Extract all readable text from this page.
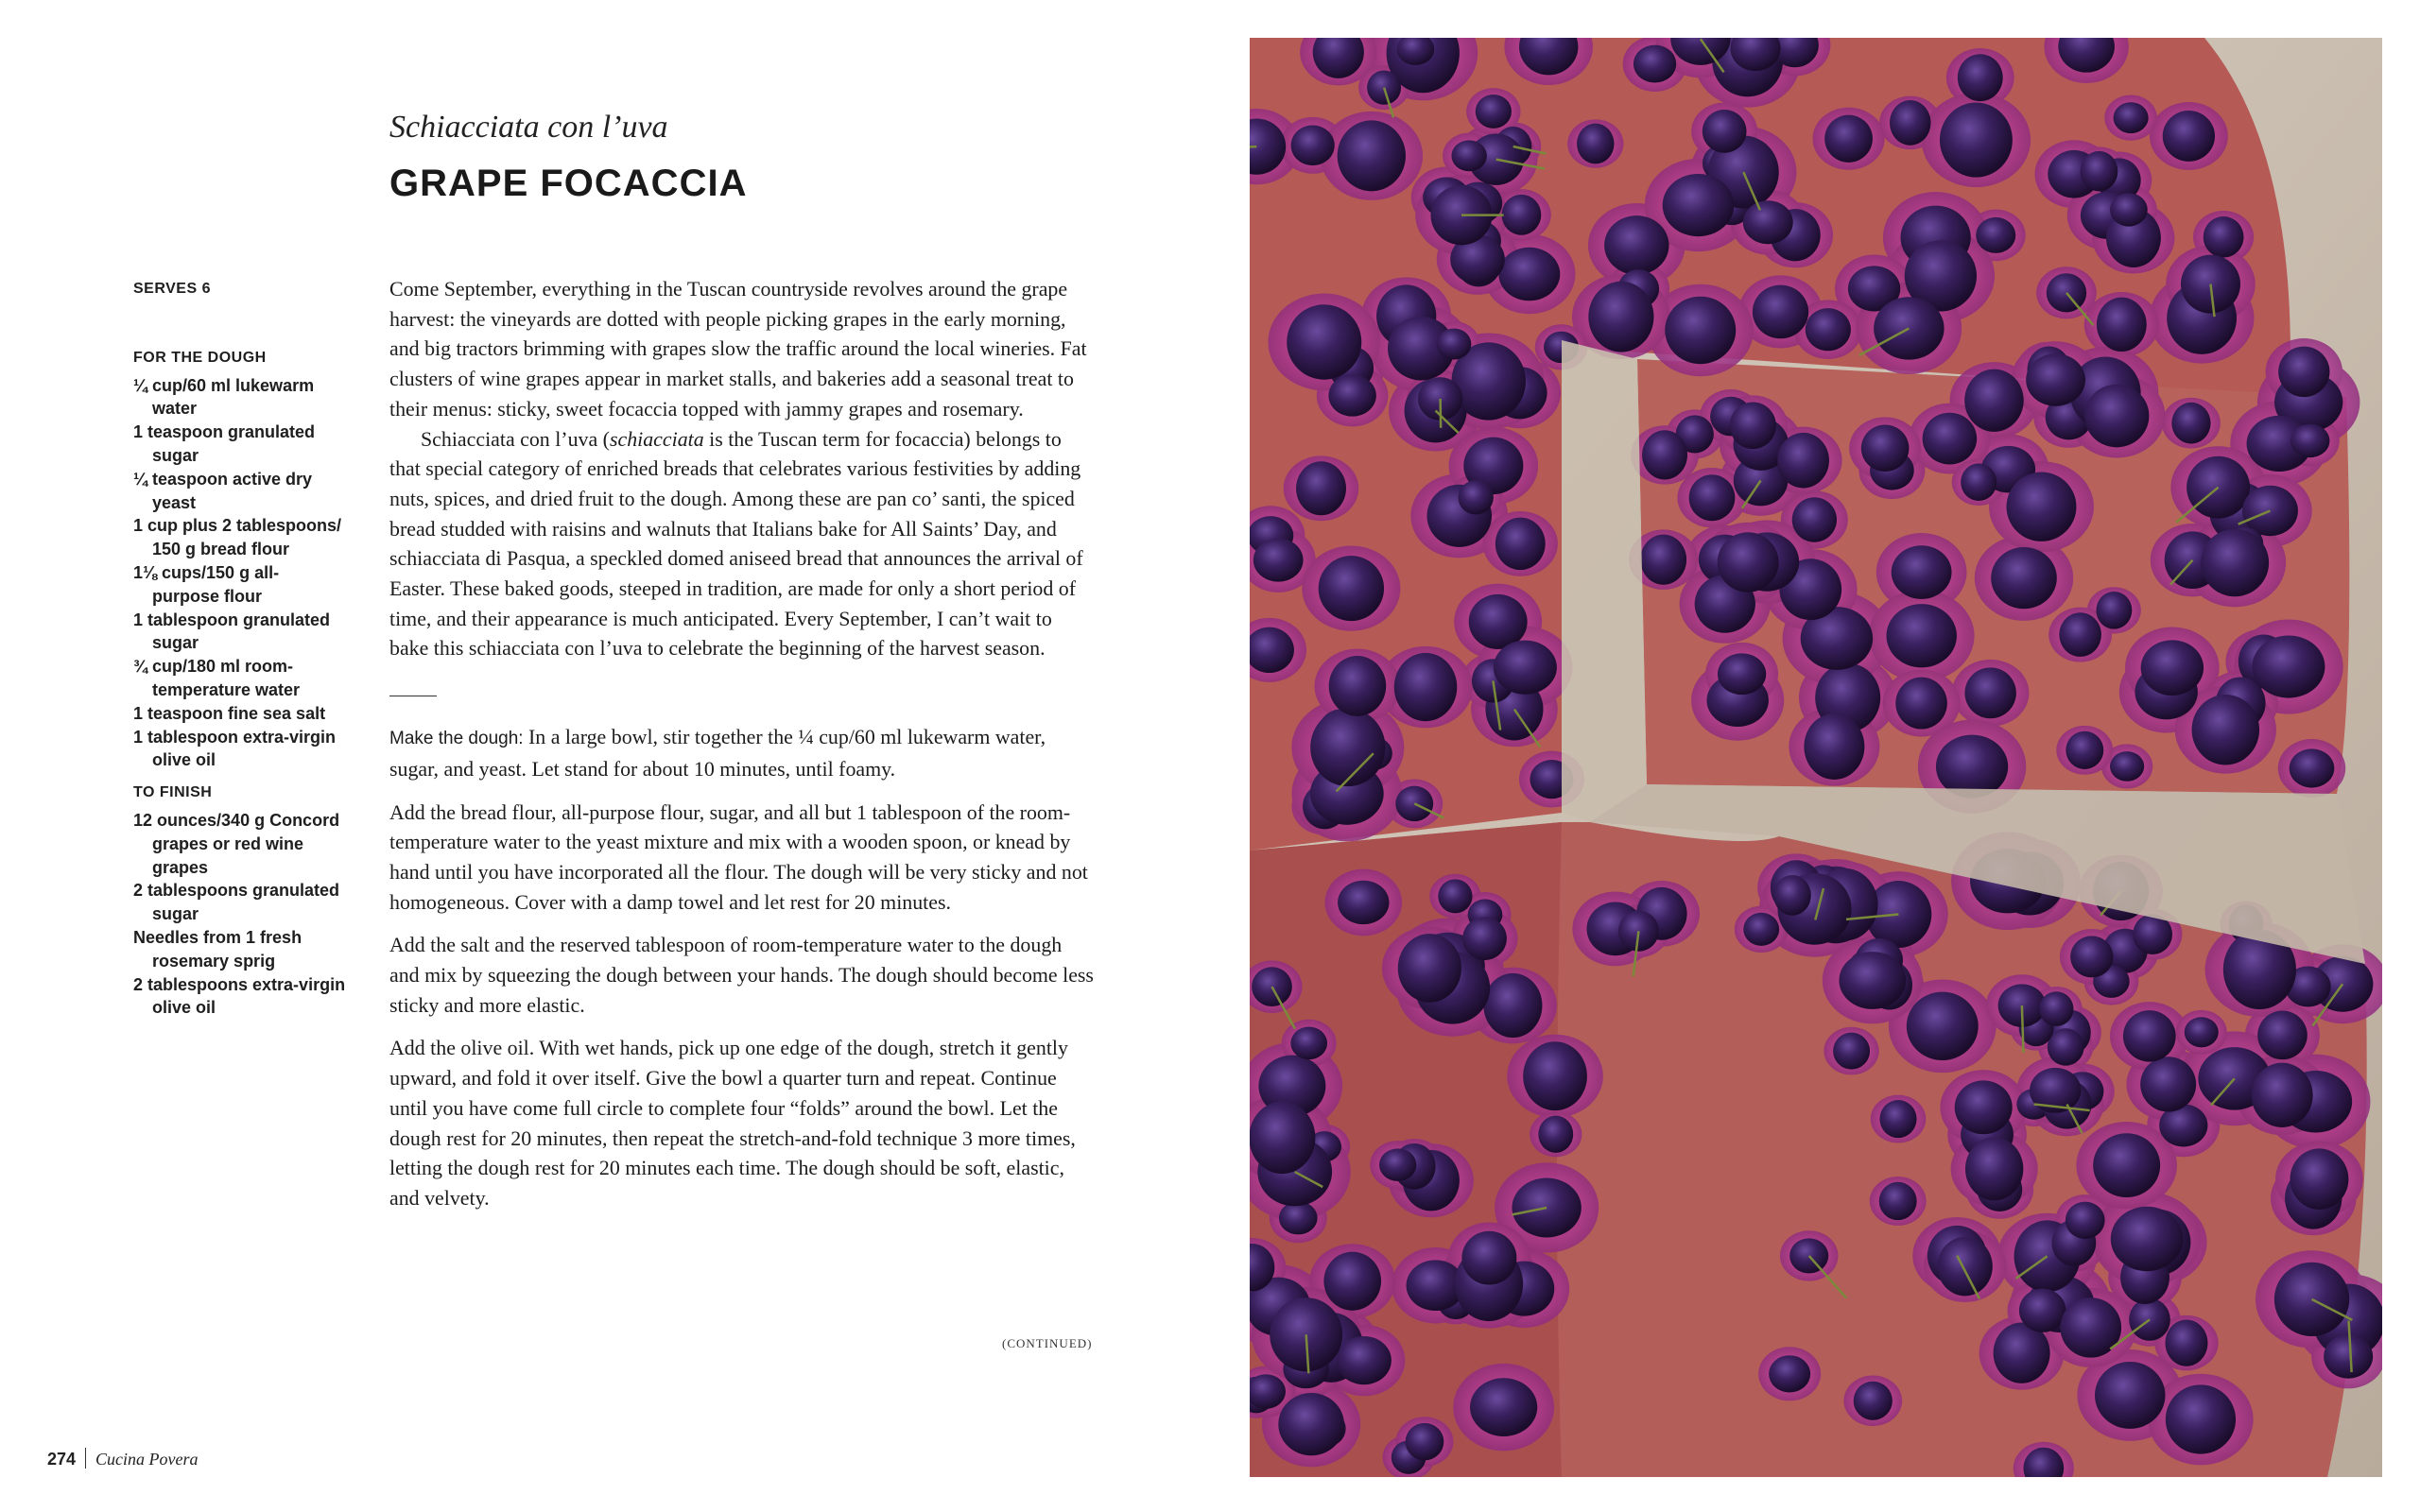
Schiacciata con l’uva
GRAPE FOCACCIA
SERVES 6
FOR THE DOUGH
¼ cup/60 ml lukewarm water
1 teaspoon granulated sugar
¼ teaspoon active dry yeast
1 cup plus 2 tablespoons/ 150 g bread flour
1⅛ cups/150 g all-purpose flour
1 tablespoon granulated sugar
¾ cup/180 ml room-temperature water
1 teaspoon fine sea salt
1 tablespoon extra-virgin olive oil
TO FINISH
12 ounces/340 g Concord grapes or red wine grapes
2 tablespoons granulated sugar
Needles from 1 fresh rosemary sprig
2 tablespoons extra-virgin olive oil

Come September, everything in the Tuscan countryside revolves around the grape harvest: the vineyards are dotted with people picking grapes in the early morning, and big tractors brimming with grapes slow the traffic around the local wineries. Fat clusters of wine grapes appear in market stalls, and bakeries add a seasonal treat to their menus: sticky, sweet focaccia topped with jammy grapes and rosemary.

Schiacciata con l’uva (schiacciata is the Tuscan term for focaccia) belongs to that special category of enriched breads that celebrates various festivities by adding nuts, spices, and dried fruit to the dough. Among these are pan co’ santi, the spiced bread studded with raisins and walnuts that Italians bake for All Saints’ Day, and schiacciata di Pasqua, a speckled domed aniseed bread that announces the arrival of Easter. These baked goods, steeped in tradition, are made for only a short period of time, and their appearance is much anticipated. Every September, I can’t wait to bake this schiacciata con l’uva to celebrate the beginning of the harvest season.

Make the dough: In a large bowl, stir together the ¼ cup/60 ml lukewarm water, sugar, and yeast. Let stand for about 10 minutes, until foamy.

Add the bread flour, all-purpose flour, sugar, and all but 1 tablespoon of the room-temperature water to the yeast mixture and mix with a wooden spoon, or knead by hand until you have incorporated all the flour. The dough will be very sticky and not homogeneous. Cover with a damp towel and let rest for 20 minutes.

Add the salt and the reserved tablespoon of room-temperature water to the dough and mix by squeezing the dough between your hands. The dough should become less sticky and more elastic.

Add the olive oil. With wet hands, pick up one edge of the dough, stretch it gently upward, and fold it over itself. Give the bowl a quarter turn and repeat. Continue until you have come full circle to complete four “folds” around the bowl. Let the dough rest for 20 minutes, then repeat the stretch-and-fold technique 3 more times, letting the dough rest for 20 minutes each time. The dough should be soft, elastic, and velvety.

(CONTINUED)
274 Cucina Povera
